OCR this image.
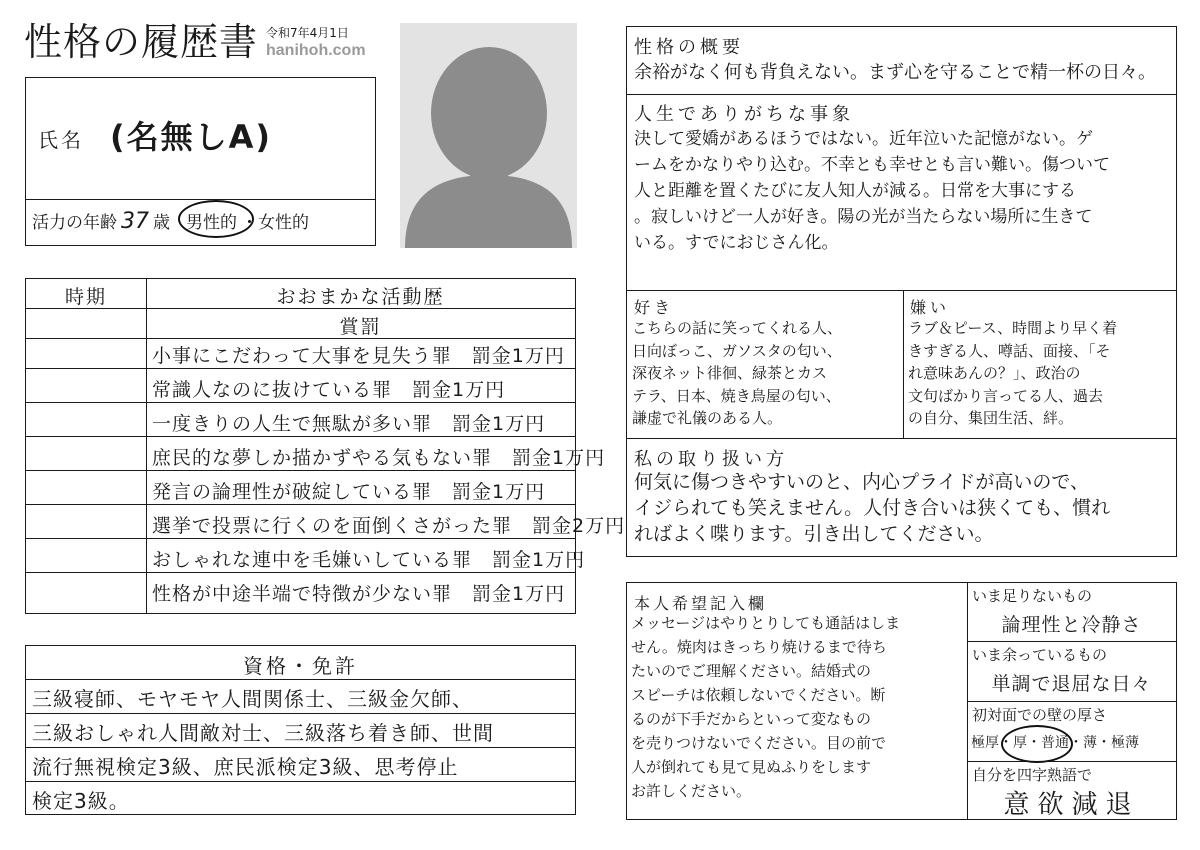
性格の履歴書 令和7年4月1日
hanihoh.com
氏名 (名無しA)
活力の年齢 37 歳 男性的 ・ 女性的
時期	おおまかな活動歴
賞罰
小事にこだわって大事を見失う罪　罰金1万円
常識人なのに抜けている罪　罰金1万円
一度きりの人生で無駄が多い罪　罰金1万円
庶民的な夢しか描かずやる気もない罪　罰金1万円
発言の論理性が破綻している罪　罰金1万円
選挙で投票に行くのを面倒くさがった罪　罰金2万円
おしゃれな連中を毛嫌いしている罪　罰金1万円
性格が中途半端で特徴が少ない罪　罰金1万円
資格・免許
三級寝師、モヤモヤ人間関係士、三級金欠師、
三級おしゃれ人間敵対士、三級落ち着き師、世間
流行無視検定3級、庶民派検定3級、思考停止
検定3級。
性格の概要
余裕がなく何も背負えない。まず心を守ることで精一杯の日々。
人生でありがちな事象
決して愛嬌があるほうではない。近年泣いた記憶がない。ゲ
ームをかなりやり込む。不幸とも幸せとも言い難い。傷ついて
人と距離を置くたびに友人知人が減る。日常を大事にする
。寂しいけど一人が好き。陽の光が当たらない場所に生きて
いる。すでにおじさん化。
好き
こちらの話に笑ってくれる人、
日向ぼっこ、ガソスタの匂い、
深夜ネット徘徊、緑茶とカス
テラ、日本、焼き鳥屋の匂い、
謙虚で礼儀のある人。
嫌い
ラブ＆ピース、時間より早く着
きすぎる人、噂話、面接、「そ
れ意味あんの？」、政治の
文句ばかり言ってる人、過去
の自分、集団生活、絆。
私の取り扱い方
何気に傷つきやすいのと、内心プライドが高いので、
イジられても笑えません。人付き合いは狭くても、慣れ
ればよく喋ります。引き出してください。
本人希望記入欄
メッセージはやりとりしても通話はしま
せん。焼肉はきっちり焼けるまで待ち
たいのでご理解ください。結婚式の
スピーチは依頼しないでください。断
るのが下手だからといって変なもの
を売りつけないでください。目の前で
人が倒れても見て見ぬふりをします
お許しください。
いま足りないもの
論理性と冷静さ
いま余っているもの
単調で退屈な日々
初対面での壁の厚さ
極厚・厚・普通・薄・極薄
自分を四字熟語で
意欲減退
